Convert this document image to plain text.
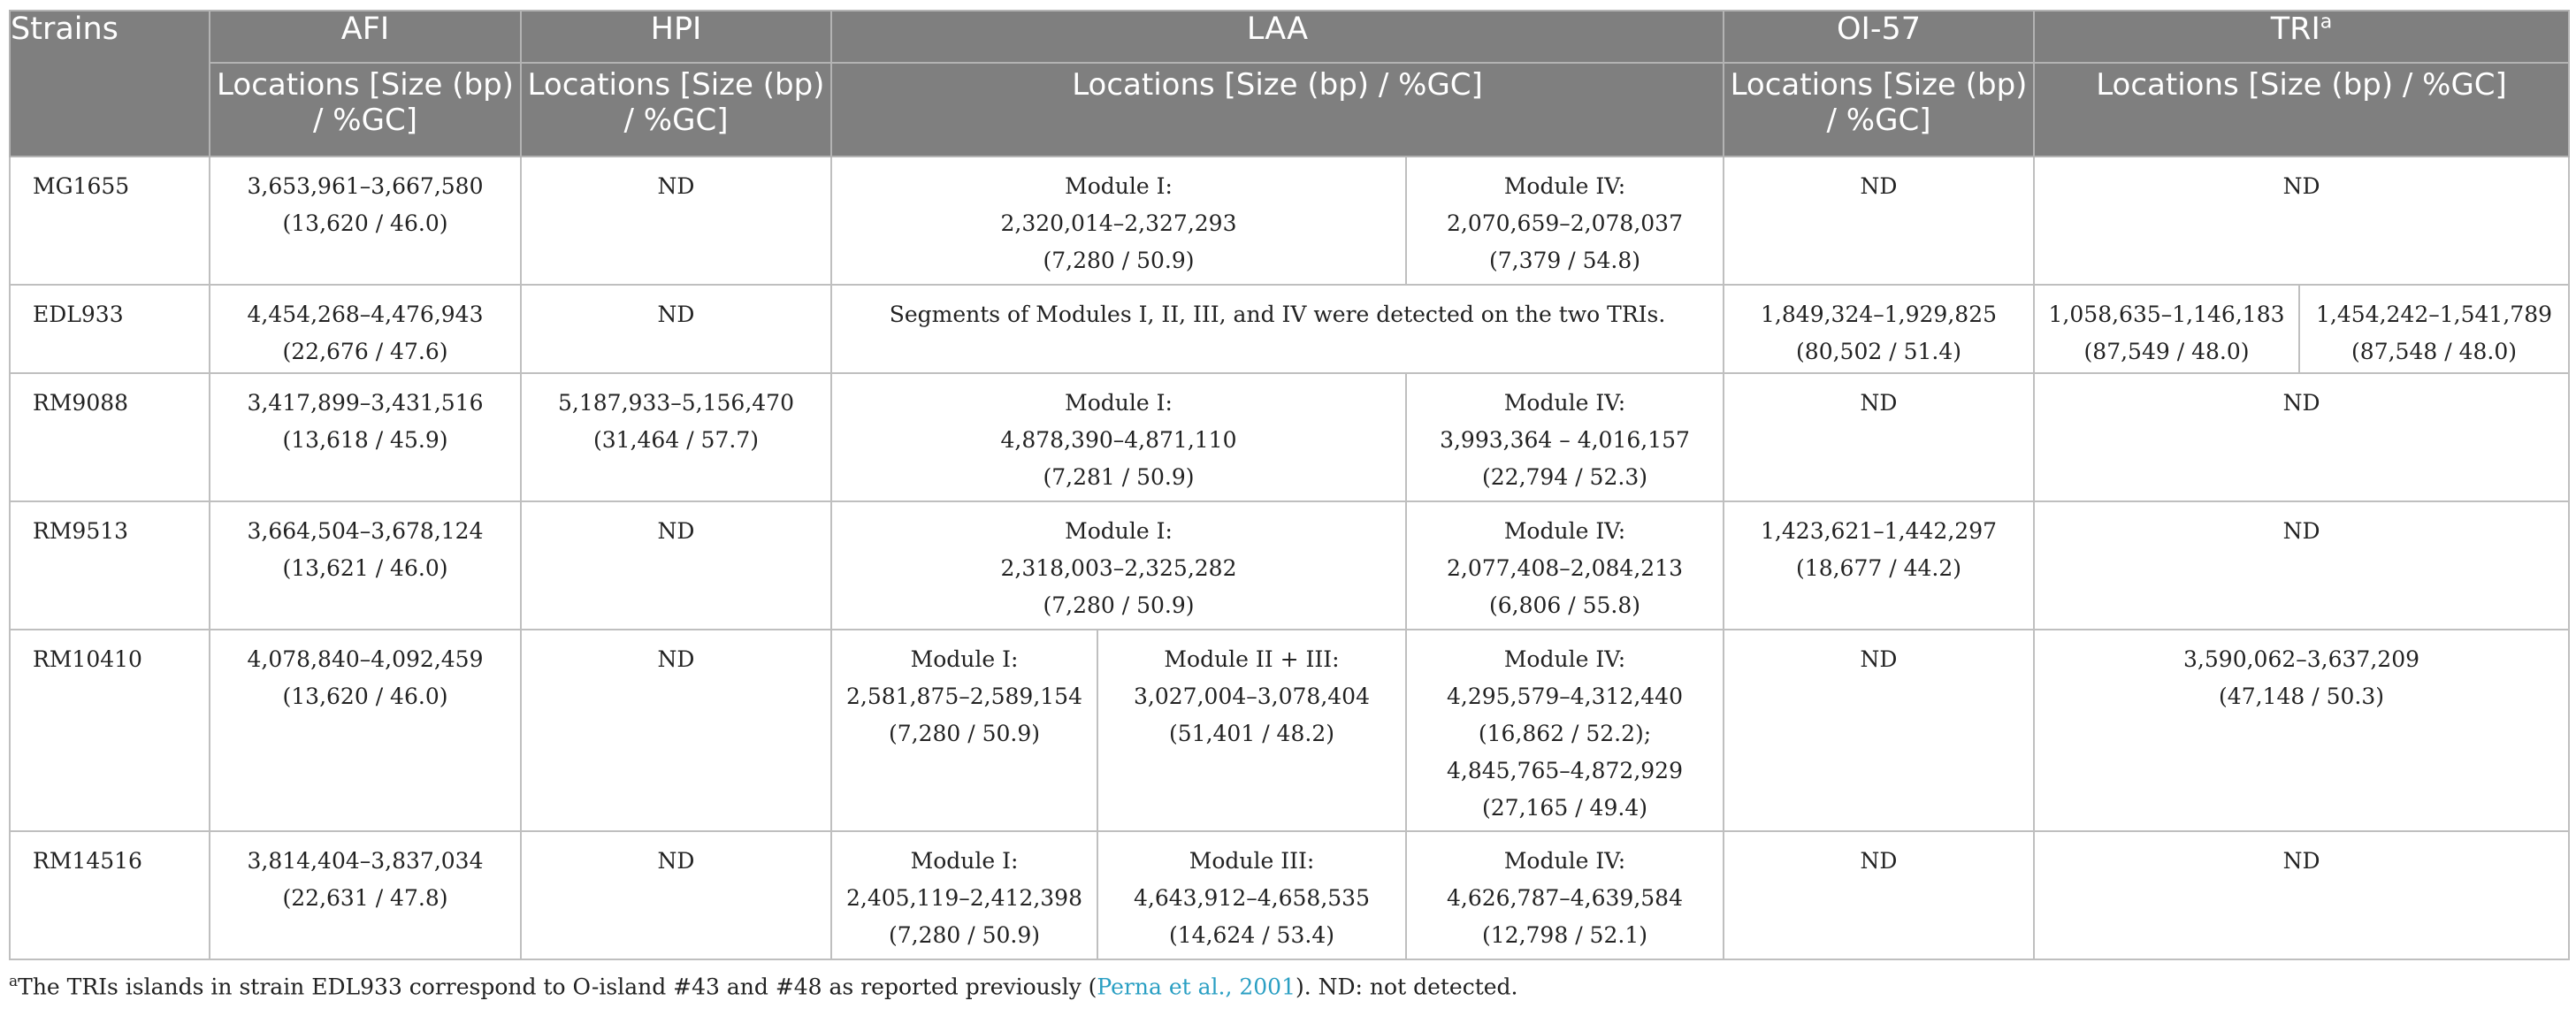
Strains	AFI	HPI	LAA			OI-57	TRI$^a$
	Locations [Size (bp) / %GC]	Locations [Size (bp) / %GC]	Locations [Size (bp) / %GC]			Locations [Size (bp) / %GC]	Locations [Size (bp) / %GC]	
MG1655	3,653,961–3,667,580
(13,620 / 46.0)	ND	Module I:
2,320,014–2,327,293
(7,280 / 50.9)		Module IV:
2,070,659–2,078,037
(7,379 / 54.8)	ND	ND	
EDL933	4,454,268–4,476,943
(22,676 / 47.6)	ND	Segments of Modules I, II, III, and IV were detected on the two TRIs.			1,849,324–1,929,825
(80,502 / 51.4)	1,058,635–1,146,183
(87,549 / 48.0)	1,454,242–1,541,789
(87,548 / 48.0)

RM9088	3,417,899–3,431,516
(13,618 / 45.9)	5,187,933–5,156,470
(31,464 / 57.7)	Module I:
4,878,390–4,871,110
(7,281 / 50.9)		Module IV:
3,993,364 – 4,016,157
(22,794 / 52.3)	ND	ND	
RM9513	3,664,504–3,678,124
(13,621 / 46.0)	ND	Module I:
2,318,003–2,325,282
(7,280 / 50.9)		Module IV:
2,077,408–2,084,213
(6,806 / 55.8)	1,423,621–1,442,297
(18,677 / 44.2)	ND	
RM10410	4,078,840–4,092,459
(13,620 / 46.0)	ND	Module I:
2,581,875–2,589,154
(7,280 / 50.9)	Module II + III:
3,027,004–3,078,404
(51,401 / 48.2)	Module IV:
4,295,579–4,312,440
(16,862 / 52.2);
4,845,765–4,872,929
(27,165 / 49.4)	ND	3,590,062–3,637,209
(47,148 / 50.3)	

RM14516	3,814,404–3,837,034
(22,631 / 47.8)	ND	Module I:
2,405,119–2,412,398
(7,280 / 50.9)	Module III:
4,643,912–4,658,535
(14,624 / 53.4)	Module IV:
4,626,787–4,639,584
(12,798 / 52.1)	ND	ND	
$^a$The TRIs islands in strain EDL933 correspond to O-island #43 and #48 as reported previously (Perna et al., 2001). ND: not detected.
